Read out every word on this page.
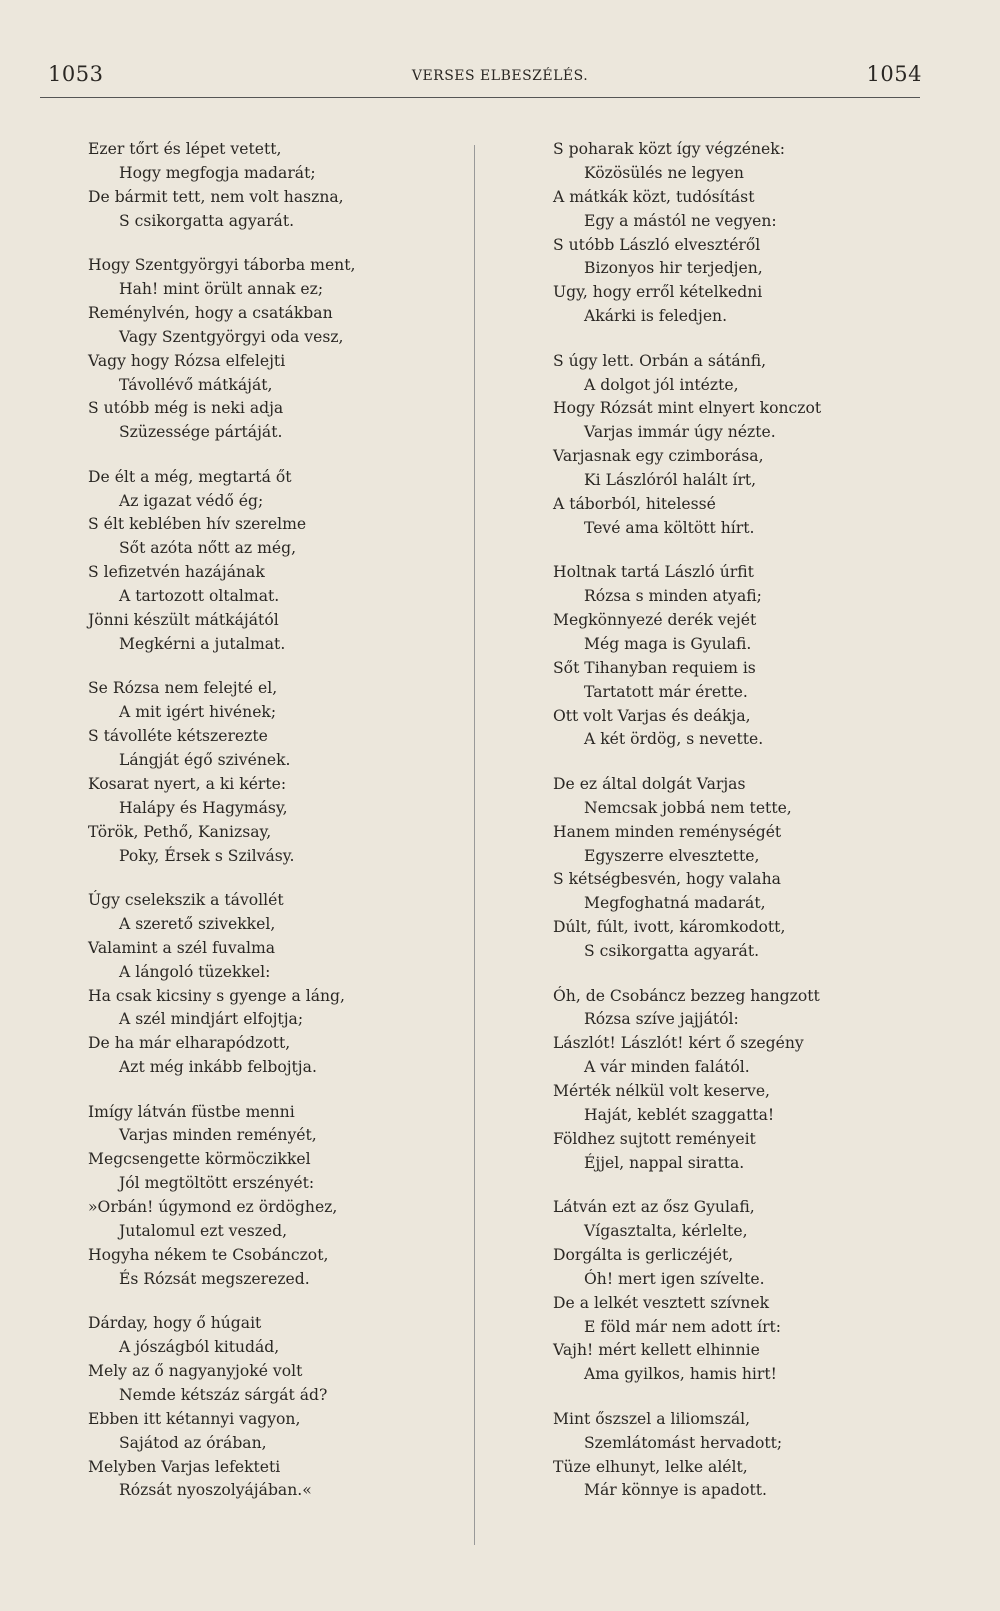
1053	VERSES ELBESZÉLÉS.	1054
Ezer tőrt és lépet vetett,
Hogy megfogja madarát;
De bármit tett, nem volt haszna,
S csikorgatta agyarát.
Hogy Szentgyörgyi táborba ment,
Hah! mint örült annak ez;
Reménylvén, hogy a csatákban
Vagy Szentgyörgyi oda vesz,
Vagy hogy Rózsa elfelejti
Távollévő mátkáját,
S utóbb még is neki adja
Szüzessége pártáját.
De élt a még, megtartá őt
Az igazat védő ég;
S élt keblében hív szerelme
Sőt azóta nőtt az még,
S lefizetvén hazájának
A tartozott oltalmat.
Jönni készült mátkájától
Megkérni a jutalmat.
Se Rózsa nem felejté el,
A mit igért hivének;
S távolléte kétszerezte
Lángját égő szivének.
Kosarat nyert, a ki kérte:
Halápy és Hagymásy,
Török, Pethő, Kanizsay,
Poky, Érsek s Szilvásy.
Úgy cselekszik a távollét
A szerető szivekkel,
Valamint a szél fuvalma
A lángoló tüzekkel:
Ha csak kicsiny s gyenge a láng,
A szél mindjárt elfojtja;
De ha már elharapódzott,
Azt még inkább felbojtja.
Imígy látván füstbe menni
Varjas minden reményét,
Megcsengette körmöczikkel
Jól megtöltött erszényét:
»Orbán! úgymond ez ördöghez,
Jutalomul ezt veszed,
Hogyha nékem te Csobánczot,
És Rózsát megszerezed.
Dárday, hogy ő húgait
A jószágból kitudád,
Mely az ő nagyanyjoké volt
Nemde kétszáz sárgát ád?
Ebben itt kétannyi vagyon,
Sajátod az órában,
Melyben Varjas lefekteti
Rózsát nyoszolyájában.«
S poharak közt így végzének:
Közösülés ne legyen
A mátkák közt, tudósítást
Egy a mástól ne vegyen:
S utóbb László elvesztéről
Bizonyos hir terjedjen,
Ugy, hogy erről kételkedni
Akárki is feledjen.
S úgy lett. Orbán a sátánfi,
A dolgot jól intézte,
Hogy Rózsát mint elnyert konczot
Varjas immár úgy nézte.
Varjasnak egy czimborása,
Ki Lászlóról halált írt,
A táborból, hitelessé
Tevé ama költött hírt.
Holtnak tartá László úrfit
Rózsa s minden atyafi;
Megkönnyezé derék vejét
Még maga is Gyulafi.
Sőt Tihanyban requiem is
Tartatott már érette.
Ott volt Varjas és deákja,
A két ördög, s nevette.
De ez által dolgát Varjas
Nemcsak jobbá nem tette,
Hanem minden reménységét
Egyszerre elvesztette,
S kétségbesvén, hogy valaha
Megfoghatná madarát,
Dúlt, fúlt, ivott, káromkodott,
S csikorgatta agyarát.
Óh, de Csobáncz bezzeg hangzott
Rózsa szíve jajjától:
Lászlót! Lászlót! kért ő szegény
A vár minden falától.
Mérték nélkül volt keserve,
Haját, keblét szaggatta!
Földhez sujtott reményeit
Éjjel, nappal siratta.
Látván ezt az ősz Gyulafi,
Vígasztalta, kérlelte,
Dorgálta is gerliczéjét,
Óh! mert igen szívelte.
De a lelkét vesztett szívnek
E föld már nem adott írt:
Vajh! mért kellett elhinnie
Ama gyilkos, hamis hirt!
Mint őszszel a liliomszál,
Szemlátomást hervadott;
Tüze elhunyt, lelke alélt,
Már könnye is apadott.
